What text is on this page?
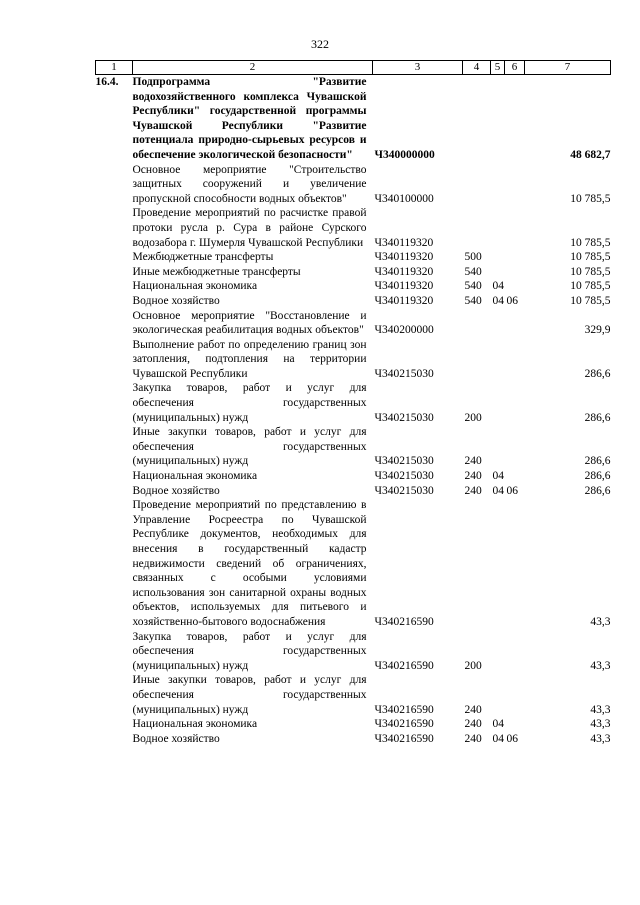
322
1	2	3	4	5	6	7
16.4.	Подпрограмма "Развитие водохозяйственного комплекса Чувашской Республики" государственной программы Чувашской Республики "Развитие потенциала природно-сырьевых ресурсов и обеспечение экологической безопасности"	Ч340000000				48 682,7
	Основное мероприятие "Строительство защитных сооружений и увеличение пропускной способности водных объектов"	Ч340100000				10 785,5
	Проведение мероприятий по расчистке правой протоки русла р. Сура в районе Сурского водозабора г. Шумерля Чувашской Республики	Ч340119320				10 785,5
	Межбюджетные трансферты	Ч340119320	500			10 785,5
	Иные межбюджетные трансферты	Ч340119320	540			10 785,5
	Национальная экономика	Ч340119320	540	04		10 785,5
	Водное хозяйство	Ч340119320	540	04	06	10 785,5
	Основное мероприятие "Восстановление и экологическая реабилитация водных объектов"	Ч340200000				329,9
	Выполнение работ по определению границ зон затопления, подтопления на территории Чувашской Республики	Ч340215030				286,6
	Закупка товаров, работ и услуг для обеспечения государственных (муниципальных) нужд	Ч340215030	200			286,6
	Иные закупки товаров, работ и услуг для обеспечения государственных (муниципальных) нужд	Ч340215030	240			286,6
	Национальная экономика	Ч340215030	240	04		286,6
	Водное хозяйство	Ч340215030	240	04	06	286,6
	Проведение мероприятий по представлению в Управление Росреестра по Чувашской Республике документов, необходимых для внесения в государственный кадастр недвижимости сведений об ограничениях, связанных с особыми условиями использования зон санитарной охраны водных объектов, используемых для питьевого и хозяйственно-бытового водоснабжения	Ч340216590				43,3
	Закупка товаров, работ и услуг для обеспечения государственных (муниципальных) нужд	Ч340216590	200			43,3
	Иные закупки товаров, работ и услуг для обеспечения государственных (муниципальных) нужд	Ч340216590	240			43,3
	Национальная экономика	Ч340216590	240	04		43,3
	Водное хозяйство	Ч340216590	240	04	06	43,3
